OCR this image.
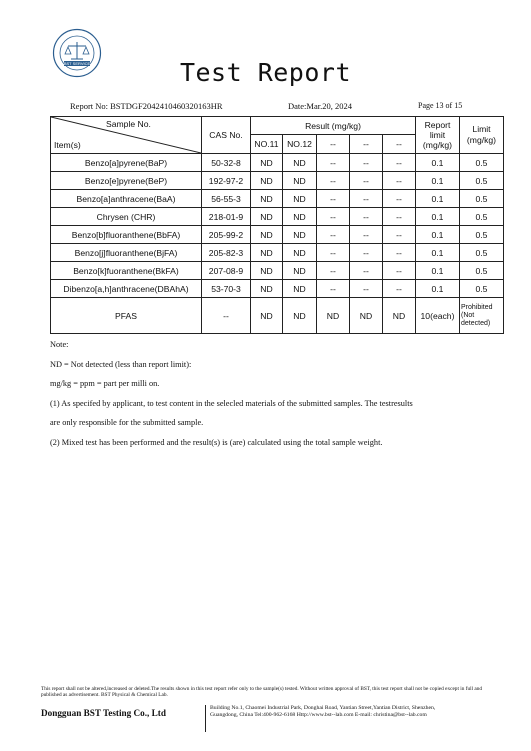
BST SERVICE	Test Report
Report No: BSTDGF2042410460320163HR	Date:Mar.20, 2024	Page 13 of 15
Sample No.
Item(s)	CAS No.	Result (mg/kg)					Report
limit
(mg/kg)	Limit
(mg/kg)
		NO.11	NO.12	--	--	--		
Benzo[a]pyrene(BaP)	50-32-8	ND	ND	--	--	--	0.1	0.5
Benzo[e]pyrene(BeP)	192-97-2	ND	ND	--	--	--	0.1	0.5
Benzo[a]anthracene(BaA)	56-55-3	ND	ND	--	--	--	0.1	0.5
Chrysen (CHR)	218-01-9	ND	ND	--	--	--	0.1	0.5
Benzo[b]fluoranthene(BbFA)	205-99-2	ND	ND	--	--	--	0.1	0.5
Benzo[j]fluoranthene(BjFA)	205-82-3	ND	ND	--	--	--	0.1	0.5
Benzo[k]fuoranthene(BkFA)	207-08-9	ND	ND	--	--	--	0.1	0.5
Dibenzo[a,h]anthracene(DBAhA)	53-70-3	ND	ND	--	--	--	0.1	0.5
PFAS	--	ND	ND	ND	ND	ND	10(each)	Prohibited
(Not
detected)
Note:
ND = Not detected (less than report limit):
mg/kg = ppm = part per milli on.
(1) As specifed by applicant, to test content in the selecled materials of the submitted samples. The testresults
are only responsible for the submitted sample.
(2) Mixed test has been performed and the result(s) is (are) calculated using the total sample weight.
This report shall not be altered,increased or deleted.The results shown in this test report refer only to the sample(s) tested. Without written approval of BST, this test report shall not be copied except in full and published as advertisement. BST Physical & Chemical Lab.
Dongguan BST Testing Co., Ltd	Building No.1, Chaomei Industrial Park, Donghai Road, Yantian Street,Yantian District, Shenzhen,
Guangdong, China Tel:400-962-6168 Http://www.bst--lab.com E-mail: christina@bst--lab.com
